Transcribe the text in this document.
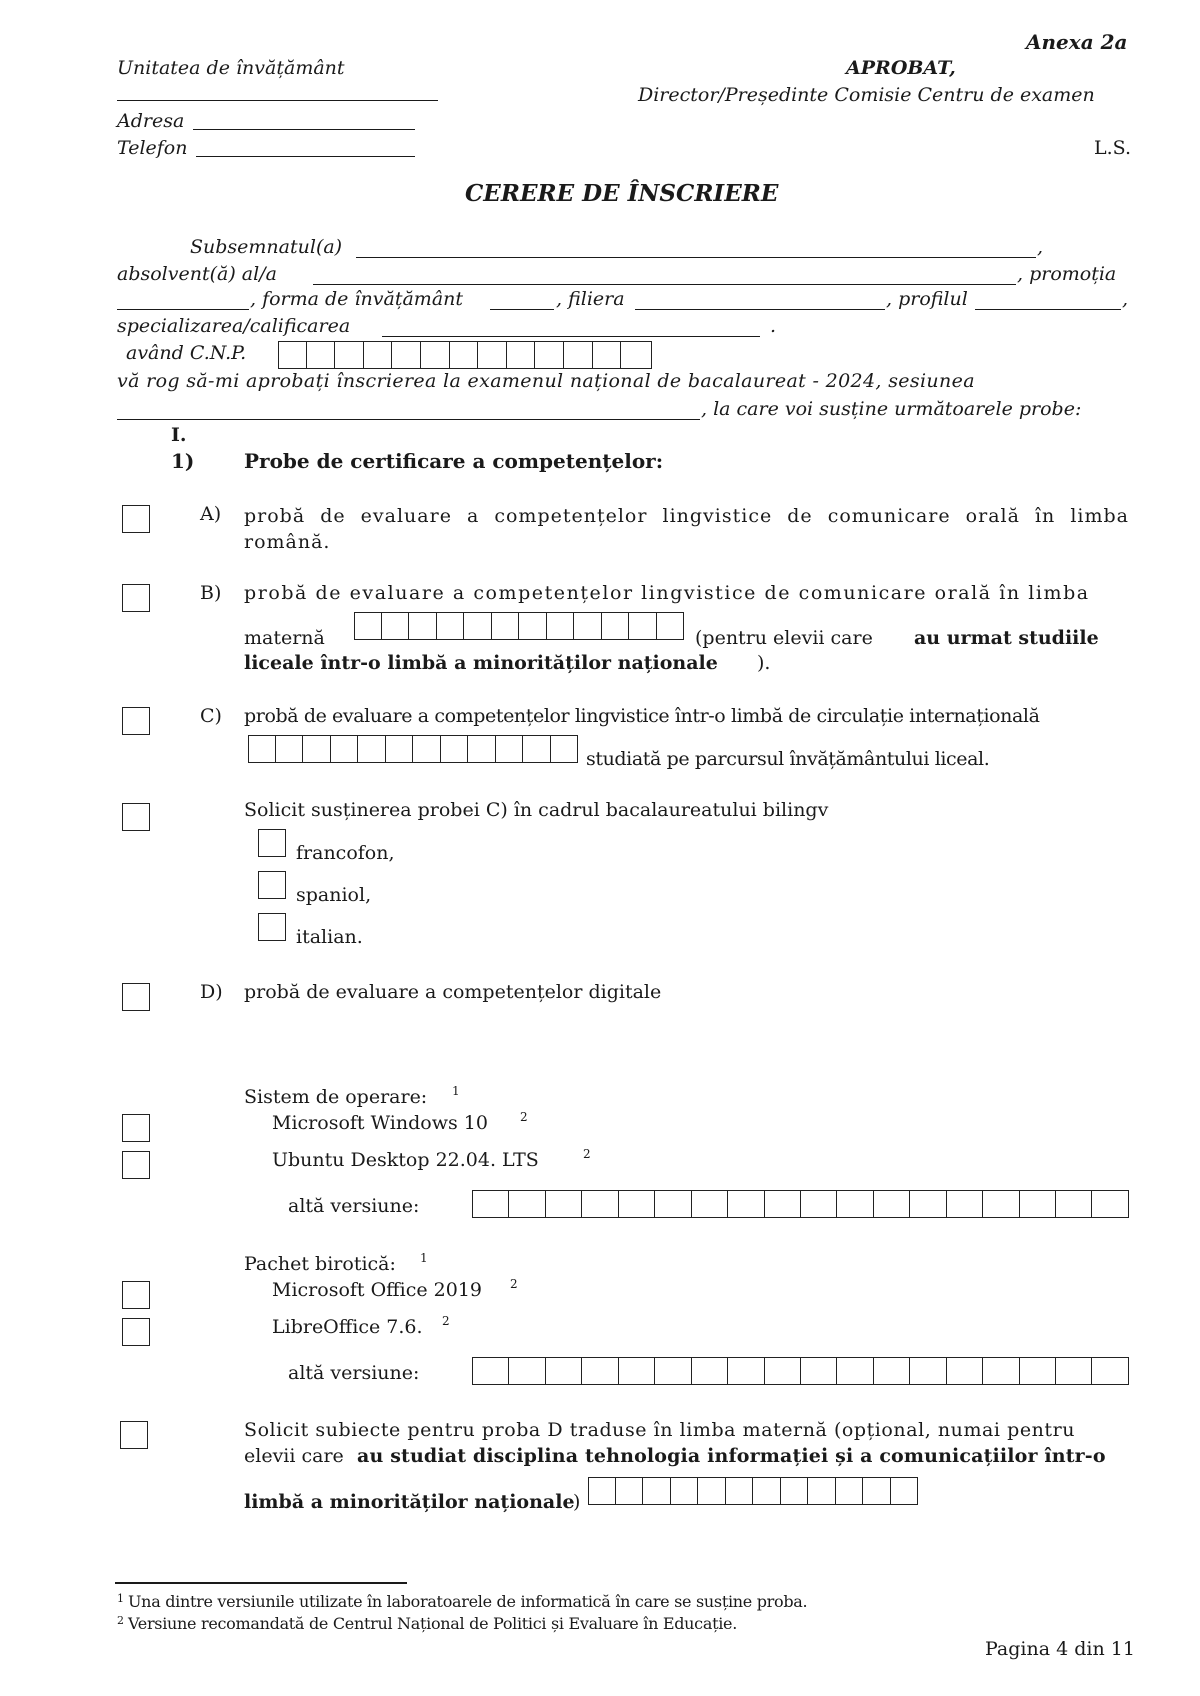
Anexa 2a
Unitatea de învățământ	APROBAT,
Director/Președinte Comisie Centru de examen
Adresa
Telefon	L.S.
CERERE DE ÎNSCRIERE
Subsemnatul(a)	,
absolvent(ă) al/a	, promoția
, forma de învățământ	, filiera	, profilul	,
specializarea/calificarea	.
având C.N.P.
vă rog să-mi aprobați înscrierea la examenul național de bacalaureat - 2024, sesiunea
, la care voi susține următoarele probe:
I.
1) Probe de certificare a competențelor:
A) probă de evaluare a competențelor lingvistice de comunicare orală în limba română.
B) probă de evaluare a competențelor lingvistice de comunicare orală în limba
maternă	(pentru elevii care au urmat studiile
liceale într-o limbă a minorităților naționale ).
C) probă de evaluare a competențelor lingvistice într-o limbă de circulație internațională
studiată pe parcursul învățământului liceal.
Solicit susținerea probei C) în cadrul bacalaureatului bilingv
francofon,
spaniol,
italian.
D) probă de evaluare a competențelor digitale
Sistem de operare: 1
Microsoft Windows 10	2
Ubuntu Desktop 22.04. LTS	2
altă versiune:
Pachet birotică: 1
Microsoft Office 2019 2
LibreOffice 7.6. 2
altă versiune:
Solicit subiecte pentru proba D traduse în limba maternă (opțional, numai pentru
elevii care au studiat disciplina tehnologia informației și a comunicațiilor într-o
limbă a minorităților naționale
)
1 Una dintre versiunile utilizate în laboratoarele de informatică în care se susține proba.
2 Versiune recomandată de Centrul Național de Politici și Evaluare în Educație.
Pagina 4 din 11
